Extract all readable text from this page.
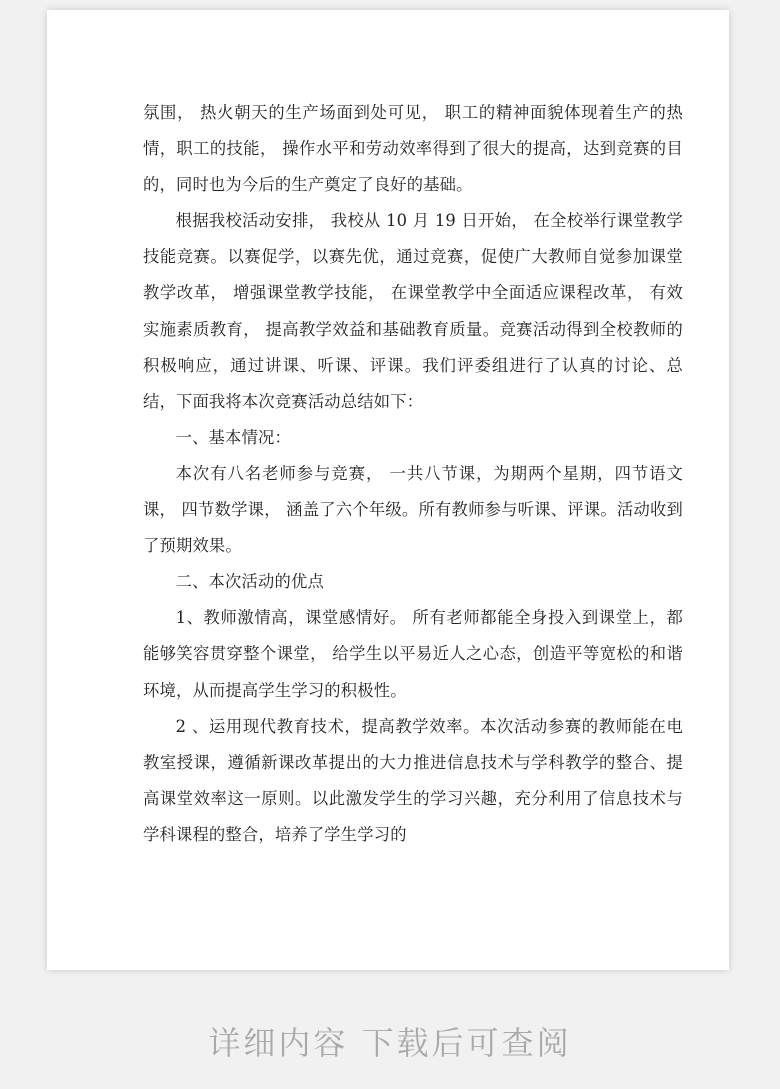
氛围， 热火朝天的生产场面到处可见， 职工的精神面貌体现着生产的热情，职工的技能， 操作水平和劳动效率得到了很大的提高，达到竞赛的目的，同时也为今后的生产奠定了良好的基础。

根据我校活动安排， 我校从 10 月 19 日开始， 在全校举行课堂教学技能竞赛。以赛促学，以赛先优，通过竞赛，促使广大教师自觉参加课堂教学改革， 增强课堂教学技能， 在课堂教学中全面适应课程改革， 有效实施素质教育， 提高教学效益和基础教育质量。竞赛活动得到全校教师的积极响应，通过讲课、听课、评课。我们评委组进行了认真的讨论、总结，下面我将本次竞赛活动总结如下：

一、基本情况：

本次有八名老师参与竞赛， 一共八节课，为期两个星期，四节语文课， 四节数学课， 涵盖了六个年级。所有教师参与听课、评课。活动收到了预期效果。

二、本次活动的优点

1、教师激情高，课堂感情好。 所有老师都能全身投入到课堂上，都能够笑容贯穿整个课堂， 给学生以平易近人之心态，创造平等宽松的和谐环境，从而提高学生学习的积极性。

2 、运用现代教育技术，提高教学效率。本次活动参赛的教师能在电教室授课，遵循新课改革提出的大力推进信息技术与学科教学的整合、提高课堂效率这一原则。以此激发学生的学习兴趣，充分利用了信息技术与学科课程的整合，培养了学生学习的

详细内容 下载后可查阅
